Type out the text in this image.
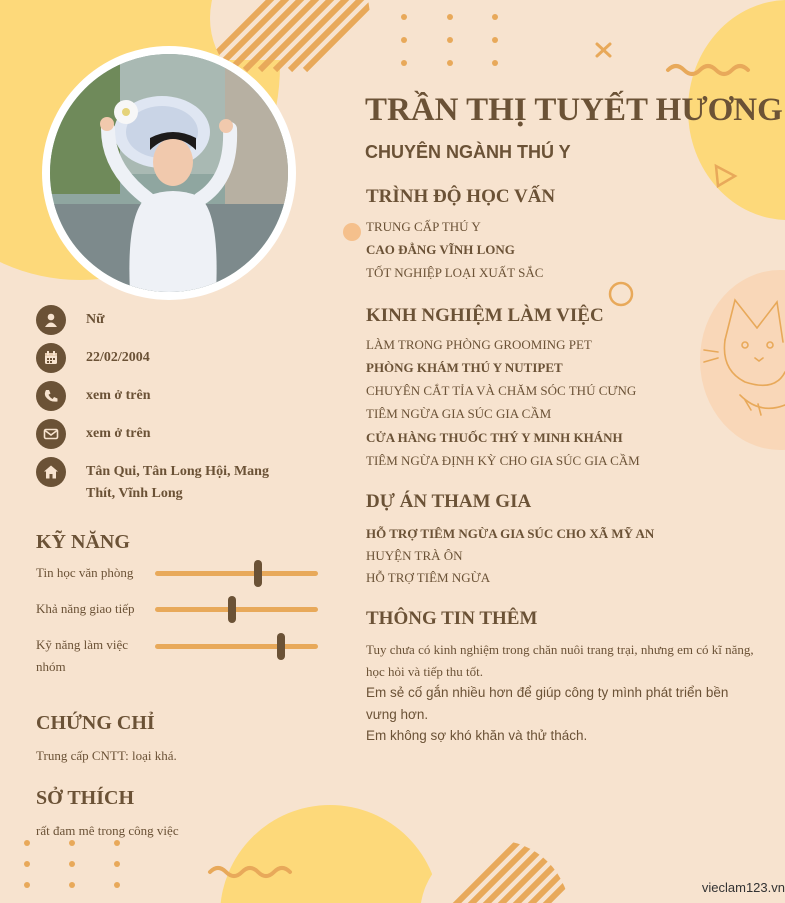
Nữ
22/02/2004
xem ở trên
xem ở trên
Tân Qui, Tân Long Hội, Mang Thít, Vĩnh Long
KỸ NĂNG
Tin học văn phòng
Khả năng giao tiếp
Kỹ năng làm việc nhóm
CHỨNG CHỈ
Trung cấp CNTT: loại khá.
SỞ THÍCH
rất đam mê trong công việc
TRẦN THỊ TUYẾT HƯƠNG
CHUYÊN NGÀNH THÚ Y
TRÌNH ĐỘ HỌC VẤN
TRUNG CẤP THÚ Y
CAO ĐẲNG VĨNH LONG
TỐT NGHIỆP LOẠI XUẤT SẮC
KINH NGHIỆM LÀM VIỆC
LÀM TRONG PHÒNG GROOMING PET
PHÒNG KHÁM THÚ Y NUTIPET
CHUYÊN CẮT TỈA VÀ CHĂM SÓC THÚ CƯNG
TIÊM NGỪA GIA SÚC GIA CẦM
CỬA HÀNG THUỐC THÝ Y MINH KHÁNH
TIÊM NGỪA ĐỊNH KỲ CHO GIA SÚC GIA CẦM
DỰ ÁN THAM GIA
HỖ TRỢ TIÊM NGỪA GIA SÚC CHO XÃ MỸ AN
HUYỆN TRÀ ÔN
HỖ TRỢ TIÊM NGỪA
THÔNG TIN THÊM
Tuy chưa có kinh nghiệm trong chăn nuôi trang trại, nhưng em có kĩ năng, học hỏi và tiếp thu tốt.
Em sẻ cố gắn nhiều hơn để giúp công ty mình phát triển bền vưng hơn.
Em không sợ khó khăn và thử thách.
vieclam123.vn
